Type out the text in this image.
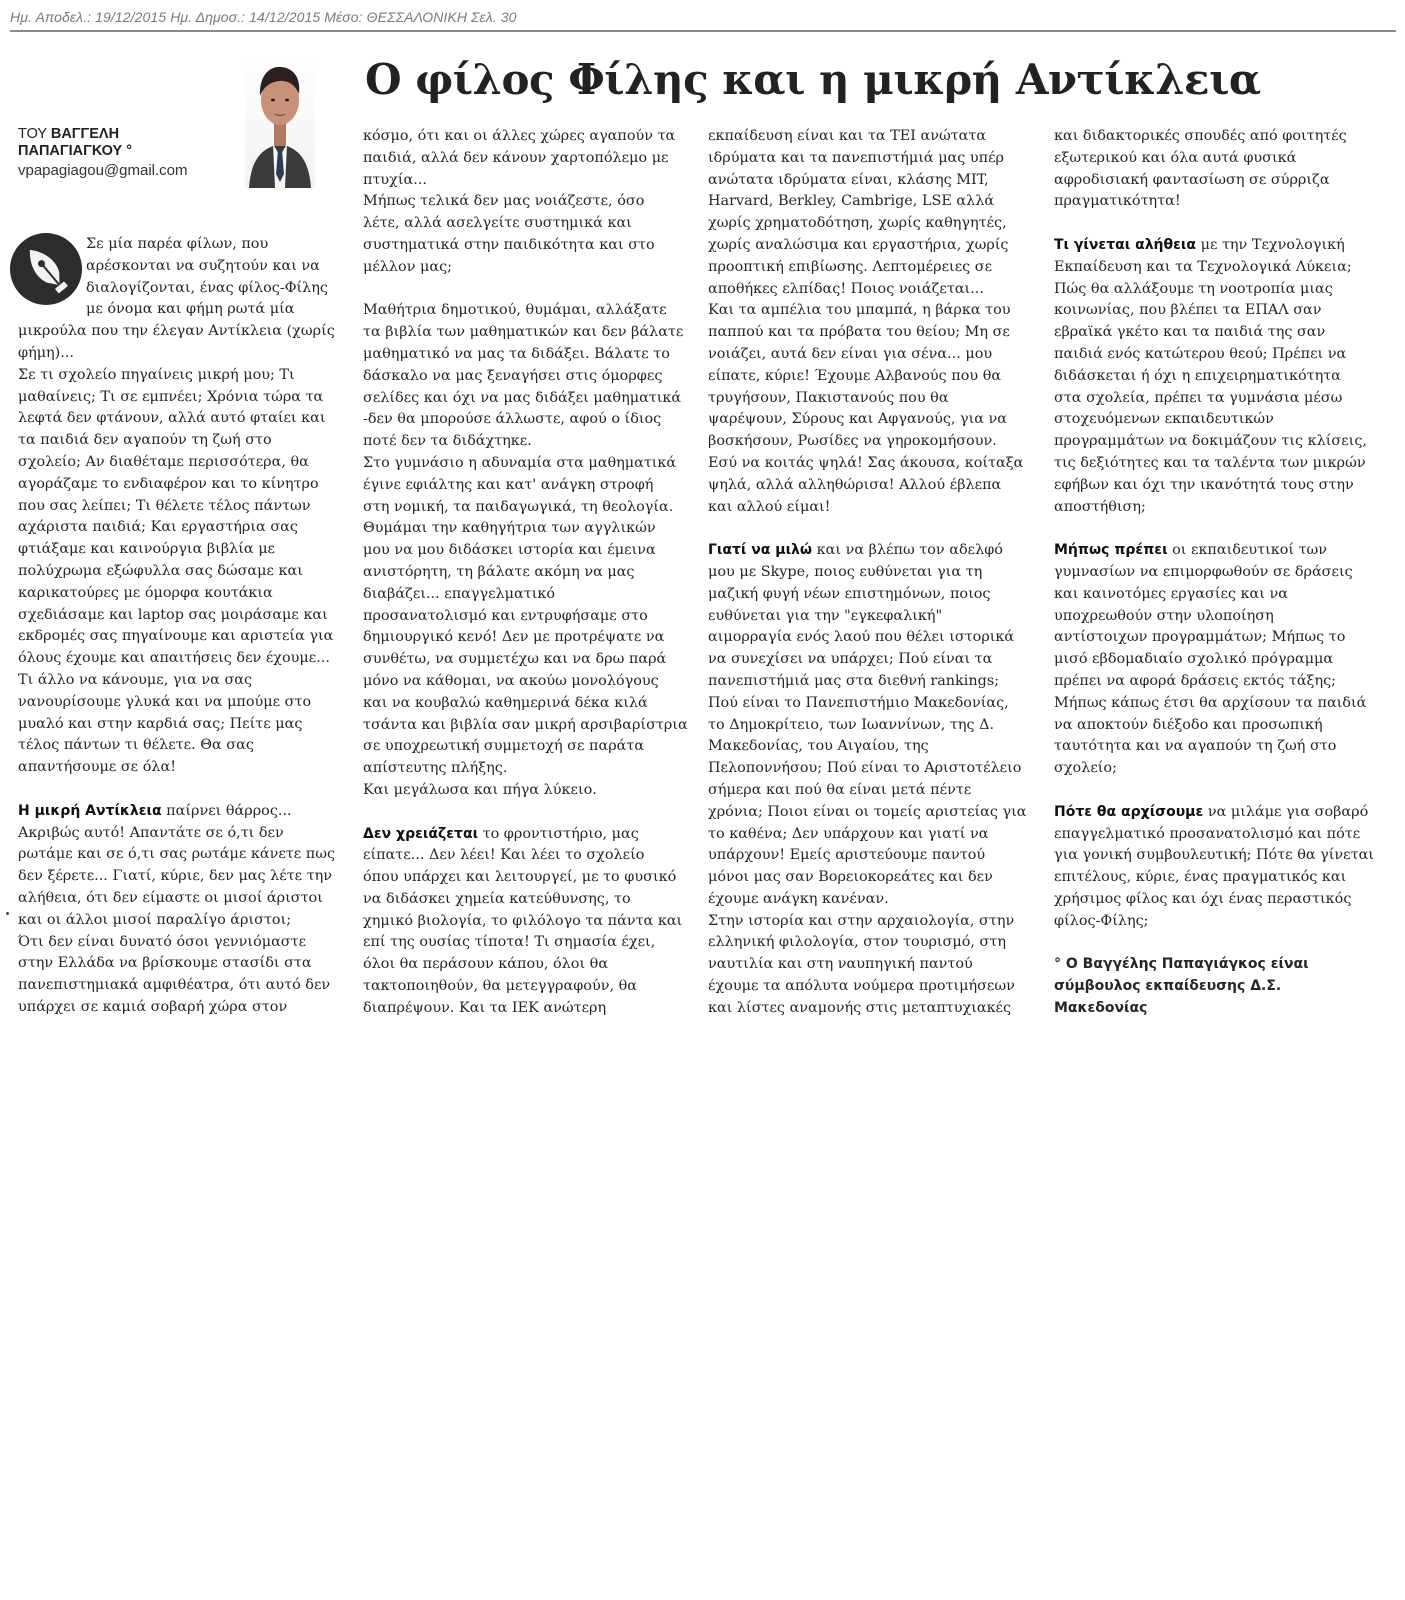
Ημ. Αποδελ.: 19/12/2015 Ημ. Δημοσ.: 14/12/2015 Μέσο: ΘΕΣΣΑΛΟΝΙΚΗ Σελ. 30
ΤΟΥ ΒΑΓΓΕΛΗ
ΠΑΠΑΓΙΑΓΚΟΥ °
vpapagiagou@gmail.com
Ο φίλος Φίλης και η μικρή Αντίκλεια

Σε μία παρέα φίλων, που
αρέσκονται να συζητούν και να
διαλογίζονται, ένας φίλος-Φίλης
με όνομα και φήμη ρωτά μία
μικρούλα που την έλεγαν Αντίκλεια (χωρίς
φήμη)...
Σε τι σχολείο πηγαίνεις μικρή μου; Τι
μαθαίνεις; Τι σε εμπνέει; Χρόνια τώρα τα
λεφτά δεν φτάνουν, αλλά αυτό φταίει και
τα παιδιά δεν αγαπούν τη ζωή στο
σχολείο; Αν διαθέταμε περισσότερα, θα
αγοράζαμε το ενδιαφέρον και το κίνητρο
που σας λείπει; Τι θέλετε τέλος πάντων
αχάριστα παιδιά; Και εργαστήρια σας
φτιάξαμε και καινούργια βιβλία με
πολύχρωμα εξώφυλλα σας δώσαμε και
καρικατούρες με όμορφα κουτάκια
σχεδιάσαμε και laptop σας μοιράσαμε και
εκδρομές σας πηγαίνουμε και αριστεία για
όλους έχουμε και απαιτήσεις δεν έχουμε...
Τι άλλο να κάνουμε, για να σας
νανουρίσουμε γλυκά και να μπούμε στο
μυαλό και στην καρδιά σας; Πείτε μας
τέλος πάντων τι θέλετε. Θα σας
απαντήσουμε σε όλα!
Η μικρή Αντίκλεια παίρνει θάρρος...
Ακριβώς αυτό! Απαντάτε σε ό,τι δεν
ρωτάμε και σε ό,τι σας ρωτάμε κάνετε πως
δεν ξέρετε... Γιατί, κύριε, δεν μας λέτε την
αλήθεια, ότι δεν είμαστε οι μισοί άριστοι
και οι άλλοι μισοί παραλίγο άριστοι;
Ότι δεν είναι δυνατό όσοι γεννιόμαστε
στην Ελλάδα να βρίσκουμε στασίδι στα
πανεπιστημιακά αμφιθέατρα, ότι αυτό δεν
υπάρχει σε καμιά σοβαρή χώρα στον
κόσμο, ότι και οι άλλες χώρες αγαπούν τα
παιδιά, αλλά δεν κάνουν χαρτοπόλεμο με
πτυχία...
Μήπως τελικά δεν μας νοιάζεστε, όσο
λέτε, αλλά ασελγείτε συστημικά και
συστηματικά στην παιδικότητα και στο
μέλλον μας;
Μαθήτρια δημοτικού, θυμάμαι, αλλάξατε
τα βιβλία των μαθηματικών και δεν βάλατε
μαθηματικό να μας τα διδάξει. Βάλατε το
δάσκαλο να μας ξεναγήσει στις όμορφες
σελίδες και όχι να μας διδάξει μαθηματικά
-δεν θα μπορούσε άλλωστε, αφού ο ίδιος
ποτέ δεν τα διδάχτηκε.
Στο γυμνάσιο η αδυναμία στα μαθηματικά
έγινε εφιάλτης και κατ' ανάγκη στροφή
στη νομική, τα παιδαγωγικά, τη θεολογία.
Θυμάμαι την καθηγήτρια των αγγλικών
μου να μου διδάσκει ιστορία και έμεινα
ανιστόρητη, τη βάλατε ακόμη να μας
διαβάζει... επαγγελματικό
προσανατολισμό και εντρυφήσαμε στο
δημιουργικό κενό! Δεν με προτρέψατε να
συνθέτω, να συμμετέχω και να δρω παρά
μόνο να κάθομαι, να ακούω μονολόγους
και να κουβαλώ καθημερινά δέκα κιλά
τσάντα και βιβλία σαν μικρή αρσιβαρίστρια
σε υποχρεωτική συμμετοχή σε παράτα
απίστευτης πλήξης.
Και μεγάλωσα και πήγα λύκειο.
Δεν χρειάζεται το φροντιστήριο, μας
είπατε... Δεν λέει! Και λέει το σχολείο
όπου υπάρχει και λειτουργεί, με το φυσικό
να διδάσκει χημεία κατεύθυνσης, το
χημικό βιολογία, το φιλόλογο τα πάντα και
επί της ουσίας τίποτα! Τι σημασία έχει,
όλοι θα περάσουν κάπου, όλοι θα
τακτοποιηθούν, θα μετεγγραφούν, θα
διαπρέψουν. Και τα ΙΕΚ ανώτερη
εκπαίδευση είναι και τα ΤΕΙ ανώτατα
ιδρύματα και τα πανεπιστήμιά μας υπέρ
ανώτατα ιδρύματα είναι, κλάσης MIT,
Harvard, Berkley, Cambrige, LSE αλλά
χωρίς χρηματοδότηση, χωρίς καθηγητές,
χωρίς αναλώσιμα και εργαστήρια, χωρίς
προοπτική επιβίωσης. Λεπτομέρειες σε
αποθήκες ελπίδας! Ποιος νοιάζεται...
Και τα αμπέλια του μπαμπά, η βάρκα του
παππού και τα πρόβατα του θείου; Μη σε
νοιάζει, αυτά δεν είναι για σένα... μου
είπατε, κύριε! Έχουμε Αλβανούς που θα
τρυγήσουν, Πακιστανούς που θα
ψαρέψουν, Σύρους και Αφγανούς, για να
βοσκήσουν, Ρωσίδες να γηροκομήσουν.
Εσύ να κοιτάς ψηλά! Σας άκουσα, κοίταξα
ψηλά, αλλά αλληθώρισα! Αλλού έβλεπα
και αλλού είμαι!
Γιατί να μιλώ και να βλέπω τον αδελφό
μου με Skype, ποιος ευθύνεται για τη
μαζική φυγή νέων επιστημόνων, ποιος
ευθύνεται για την "εγκεφαλική"
αιμορραγία ενός λαού που θέλει ιστορικά
να συνεχίσει να υπάρχει; Πού είναι τα
πανεπιστήμιά μας στα διεθνή rankings;
Πού είναι το Πανεπιστήμιο Μακεδονίας,
το Δημοκρίτειο, των Ιωαννίνων, της Δ.
Μακεδονίας, του Αιγαίου, της
Πελοποννήσου; Πού είναι το Αριστοτέλειο
σήμερα και πού θα είναι μετά πέντε
χρόνια; Ποιοι είναι οι τομείς αριστείας για
το καθένα; Δεν υπάρχουν και γιατί να
υπάρχουν! Εμείς αριστεύουμε παντού
μόνοι μας σαν Βορειοκορεάτες και δεν
έχουμε ανάγκη κανέναν.
Στην ιστορία και στην αρχαιολογία, στην
ελληνική φιλολογία, στον τουρισμό, στη
ναυτιλία και στη ναυπηγική παντού
έχουμε τα απόλυτα νούμερα προτιμήσεων
και λίστες αναμονής στις μεταπτυχιακές
και διδακτορικές σπουδές από φοιτητές
εξωτερικού και όλα αυτά φυσικά
αφροδισιακή φαντασίωση σε σύρριζα
πραγματικότητα!
Τι γίνεται αλήθεια με την Τεχνολογική
Εκπαίδευση και τα Τεχνολογικά Λύκεια;
Πώς θα αλλάξουμε τη νοοτροπία μιας
κοινωνίας, που βλέπει τα ΕΠΑΛ σαν
εβραϊκά γκέτο και τα παιδιά της σαν
παιδιά ενός κατώτερου θεού; Πρέπει να
διδάσκεται ή όχι η επιχειρηματικότητα
στα σχολεία, πρέπει τα γυμνάσια μέσω
στοχευόμενων εκπαιδευτικών
προγραμμάτων να δοκιμάζουν τις κλίσεις,
τις δεξιότητες και τα ταλέντα των μικρών
εφήβων και όχι την ικανότητά τους στην
αποστήθιση;
Μήπως πρέπει οι εκπαιδευτικοί των
γυμνασίων να επιμορφωθούν σε δράσεις
και καινοτόμες εργασίες και να
υποχρεωθούν στην υλοποίηση
αντίστοιχων προγραμμάτων; Μήπως το
μισό εβδομαδιαίο σχολικό πρόγραμμα
πρέπει να αφορά δράσεις εκτός τάξης;
Μήπως κάπως έτσι θα αρχίσουν τα παιδιά
να αποκτούν διέξοδο και προσωπική
ταυτότητα και να αγαπούν τη ζωή στο
σχολείο;
Πότε θα αρχίσουμε να μιλάμε για σοβαρό
επαγγελματικό προσανατολισμό και πότε
για γονική συμβουλευτική; Πότε θα γίνεται
επιτέλους, κύριε, ένας πραγματικός και
χρήσιμος φίλος και όχι ένας περαστικός
φίλος-Φίλης;
° Ο Βαγγέλης Παπαγιάγκος είναι
σύμβουλος εκπαίδευσης Δ.Σ.
Μακεδονίας
